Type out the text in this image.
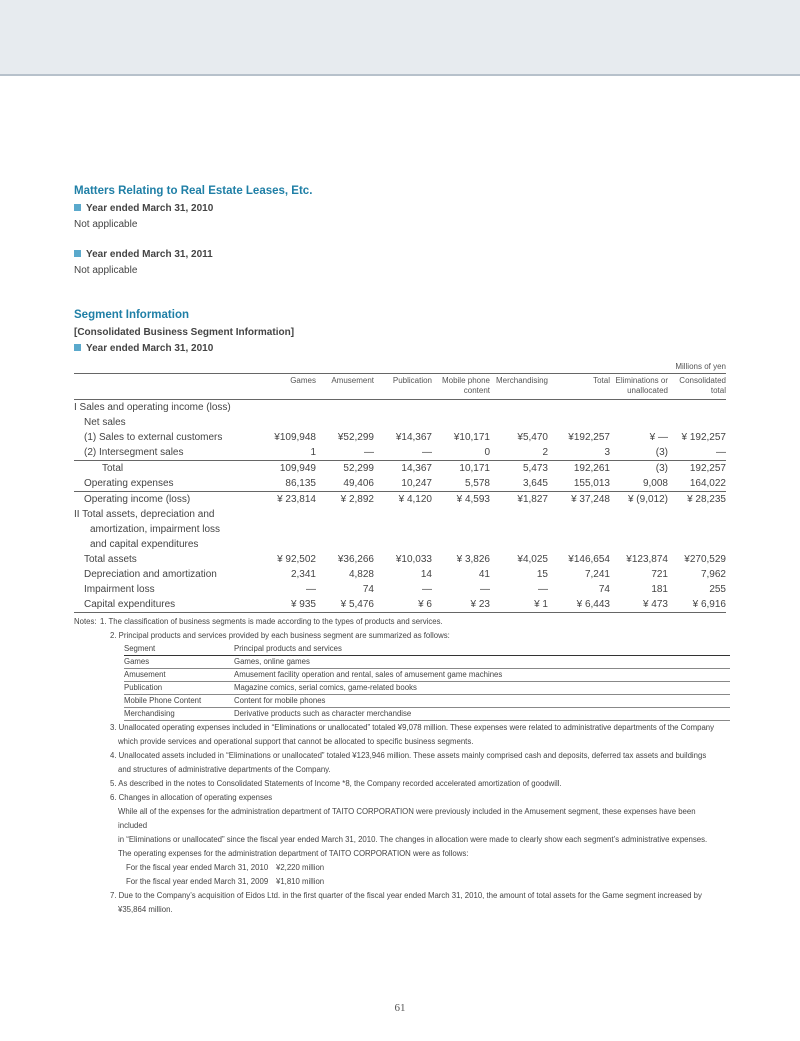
Matters Relating to Real Estate Leases, Etc.
Year ended March 31, 2010
Not applicable
Year ended March 31, 2011
Not applicable
Segment Information
[Consolidated Business Segment Information]
Year ended March 31, 2010
Millions of yen
	Games	Amusement	Publication	Mobile phone content	Merchandising	Total	Eliminations or unallocated	Consolidated total
I Sales and operating income (loss)								
Net sales								
(1) Sales to external customers	¥109,948	¥52,299	¥14,367	¥10,171	¥5,470	¥192,257	¥ —	¥ 192,257
(2) Intersegment sales	1	—	—	0	2	3	(3)	—
Total	109,949	52,299	14,367	10,171	5,473	192,261	(3)	192,257
Operating expenses	86,135	49,406	10,247	5,578	3,645	155,013	9,008	164,022
Operating income (loss)	¥ 23,814	¥ 2,892	¥ 4,120	¥ 4,593	¥1,827	¥ 37,248	¥ (9,012)	¥ 28,235
II Total assets, depreciation and								
amortization, impairment loss								
and capital expenditures								
Total assets	¥ 92,502	¥36,266	¥10,033	¥ 3,826	¥4,025	¥146,654	¥123,874	¥270,529
Depreciation and amortization	2,341	4,828	14	41	15	7,241	721	7,962
Impairment loss	—	74	—	—	—	74	181	255
Capital expenditures	¥ 935	¥ 5,476	¥ 6	¥ 23	¥ 1	¥ 6,443	¥ 473	¥ 6,916
Notes: 1. The classification of business segments is made according to the types of products and services.
2. Principal products and services provided by each business segment are summarized as follows:
Segment	Principal products and services
Games	Games, online games
Amusement	Amusement facility operation and rental, sales of amusement game machines
Publication	Magazine comics, serial comics, game-related books
Mobile Phone Content	Content for mobile phones
Merchandising	Derivative products such as character merchandise
3. Unallocated operating expenses included in “Eliminations or unallocated” totaled ¥9,078 million. These expenses were related to administrative departments of the Company
which provide services and operational support that cannot be allocated to specific business segments.
4. Unallocated assets included in “Eliminations or unallocated” totaled ¥123,946 million. These assets mainly comprised cash and deposits, deferred tax assets and buildings
and structures of administrative departments of the Company.
5. As described in the notes to Consolidated Statements of Income *8, the Company recorded accelerated amortization of goodwill.
6. Changes in allocation of operating expenses
While all of the expenses for the administration department of TAITO CORPORATION were previously included in the Amusement segment, these expenses have been included
in “Eliminations or unallocated” since the fiscal year ended March 31, 2010. The changes in allocation were made to clearly show each segment’s administrative expenses.
The operating expenses for the administration department of TAITO CORPORATION were as follows:
For the fiscal year ended March 31, 2010	¥2,220 million
For the fiscal year ended March 31, 2009	¥1,810 million
7. Due to the Company’s acquisition of Eidos Ltd. in the first quarter of the fiscal year ended March 31, 2010, the amount of total assets for the Game segment increased by
¥35,864 million.
61
